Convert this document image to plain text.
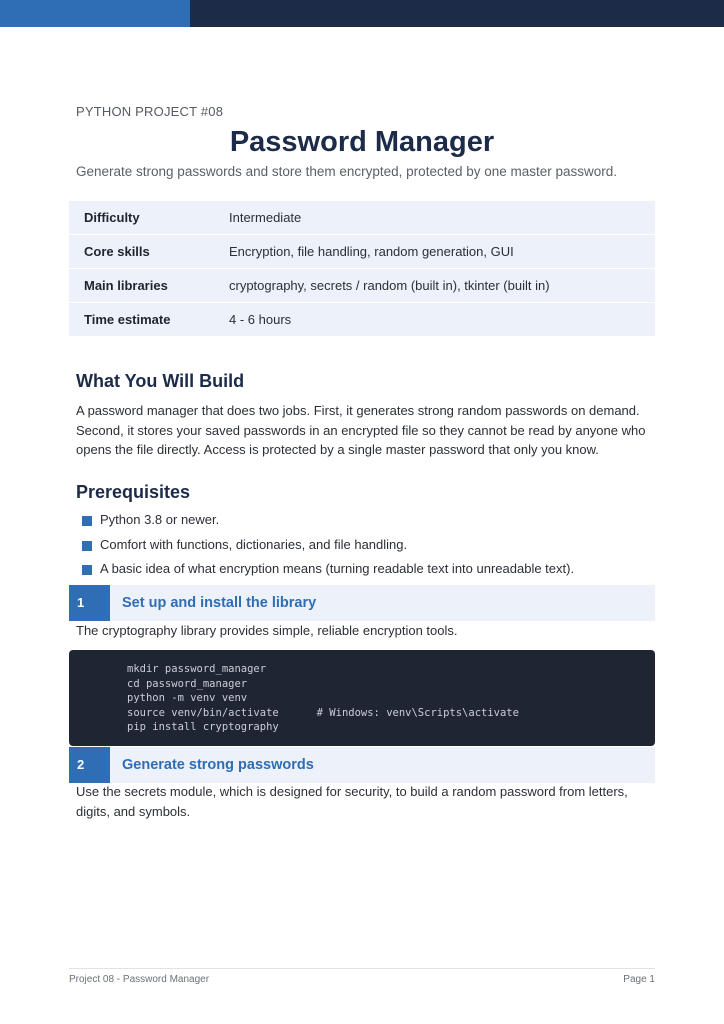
PYTHON PROJECT #08
Password Manager
Generate strong passwords and store them encrypted, protected by one master password.
Difficulty	Intermediate
Core skills	Encryption, file handling, random generation, GUI
Main libraries	cryptography, secrets / random (built in), tkinter (built in)
Time estimate	4 - 6 hours
What You Will Build
A password manager that does two jobs. First, it generates strong random passwords on demand. Second, it stores your saved passwords in an encrypted file so they cannot be read by anyone who opens the file directly. Access is protected by a single master password that only you know.
Prerequisites
Python 3.8 or newer.
Comfort with functions, dictionaries, and file handling.
A basic idea of what encryption means (turning readable text into unreadable text).
1	Set up and install the library
The cryptography library provides simple, reliable encryption tools.
mkdir password_manager
cd password_manager
python -m venv venv
source venv/bin/activate	# Windows: venv\Scripts\activate
pip install cryptography
2	Generate strong passwords
Use the secrets module, which is designed for security, to build a random password from letters, digits, and symbols.
Project 08 - Password Manager	Page 1
